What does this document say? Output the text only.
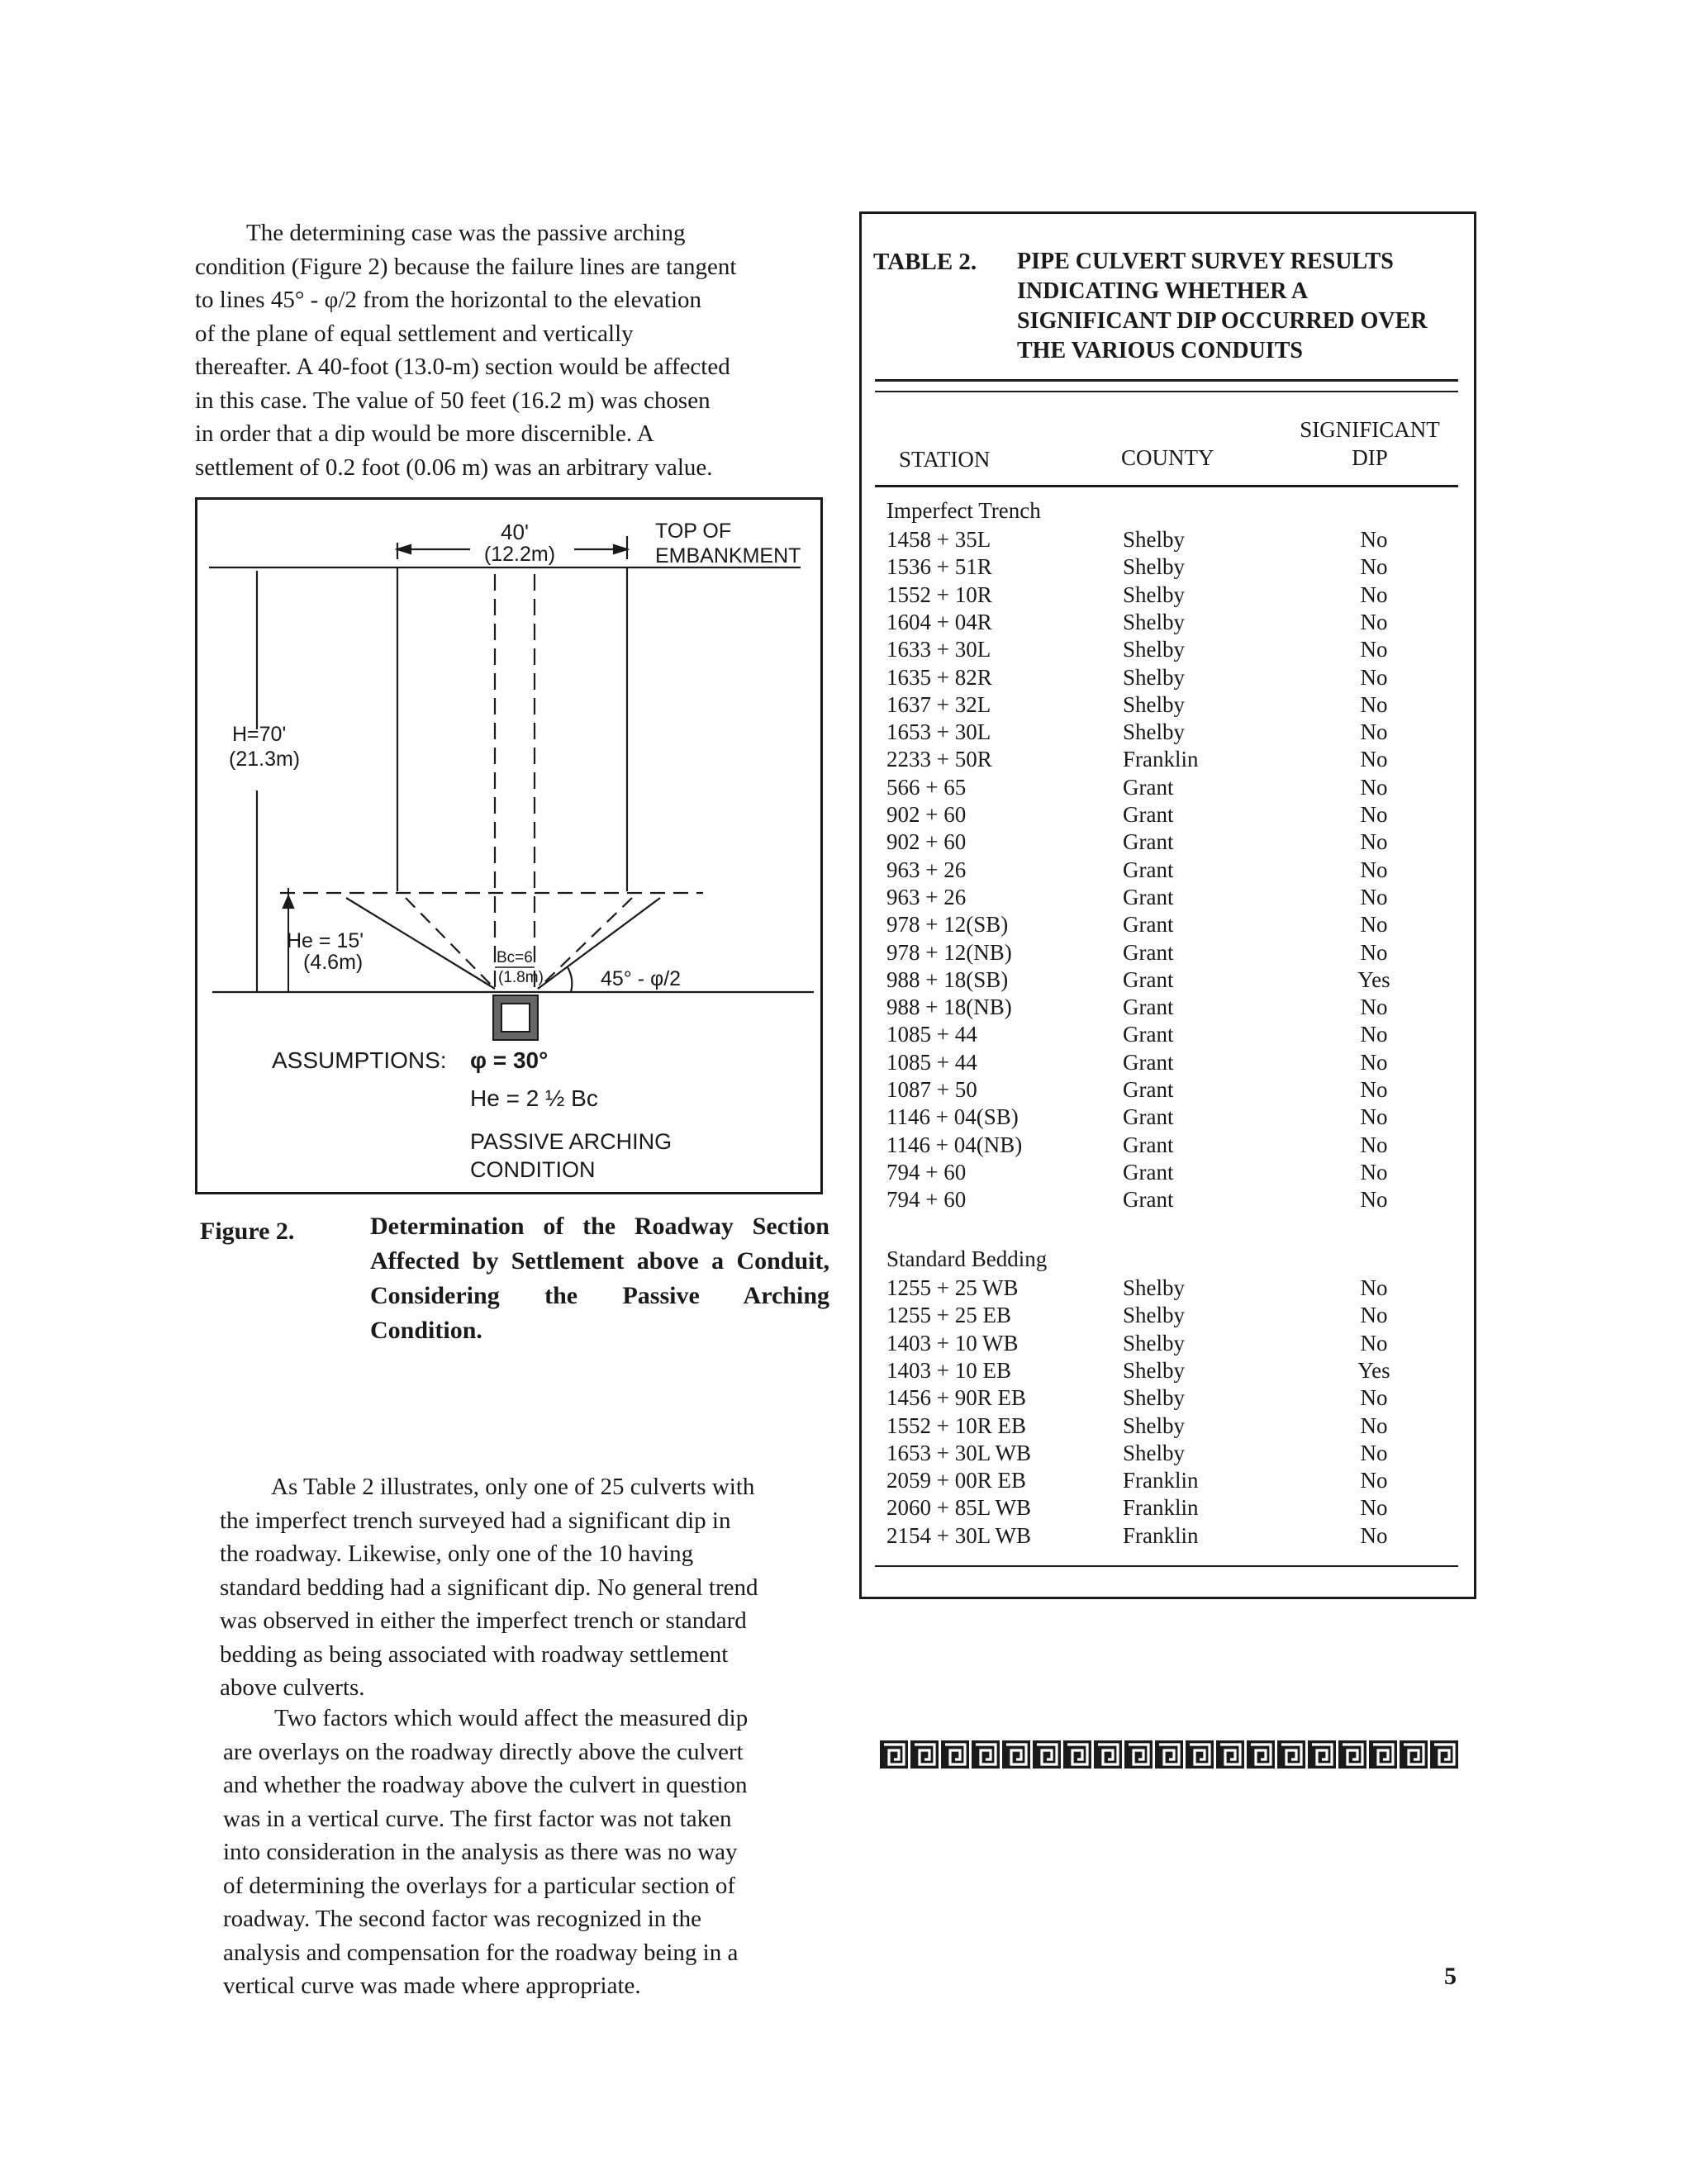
The determining case was the passive arching
condition (Figure 2) because the failure lines are tangent
to lines 45° - φ/2 from the horizontal to the elevation
of the plane of equal settlement and vertically
thereafter. A 40-foot (13.0-m) section would be affected
in this case. The value of 50 feet (16.2 m) was chosen
in order that a dip would be more discernible. A
settlement of 0.2 foot (0.06 m) was an arbitrary value.
40'
(12.2m)
TOP OF
EMBANKMENT
H=70'
(21.3m)
He = 15'
(4.6m)	Bc=6'
(1.8m)	45° - φ/2
ASSUMPTIONS: φ = 30°
He = 2 ½ Bc
PASSIVE ARCHING
CONDITION
Figure 2.	Determination of the Roadway Section Affected by Settlement above a Conduit, Considering the Passive Arching Condition.

As Table 2 illustrates, only one of 25 culverts with
the imperfect trench surveyed had a significant dip in
the roadway. Likewise, only one of the 10 having
standard bedding had a significant dip. No general trend
was observed in either the imperfect trench or standard
bedding as being associated with roadway settlement
above culverts.
Two factors which would affect the measured dip
are overlays on the roadway directly above the culvert
and whether the roadway above the culvert in question
was in a vertical curve. The first factor was not taken
into consideration in the analysis as there was no way
of determining the overlays for a particular section of
roadway. The second factor was recognized in the
analysis and compensation for the roadway being in a
vertical curve was made where appropriate.
TABLE 2. PIPE CULVERT SURVEY RESULTS INDICATING WHETHER A SIGNIFICANT DIP OCCURRED OVER THE VARIOUS CONDUITS
SIGNIFICANT
DIP
STATION	COUNTY
Imperfect Trench
1458 + 35L	Shelby	No
1536 + 51R	Shelby	No
1552 + 10R	Shelby	No
1604 + 04R	Shelby	No
1633 + 30L	Shelby	No
1635 + 82R	Shelby	No
1637 + 32L	Shelby	No
1653 + 30L	Shelby	No
2233 + 50R	Franklin	No
566 + 65	Grant	No
902 + 60	Grant	No
902 + 60	Grant	No
963 + 26	Grant	No
963 + 26	Grant	No
978 + 12(SB)	Grant	No
978 + 12(NB)	Grant	No
988 + 18(SB)	Grant	Yes
988 + 18(NB)	Grant	No
1085 + 44	Grant	No
1085 + 44	Grant	No
1087 + 50	Grant	No
1146 + 04(SB)	Grant	No
1146 + 04(NB)	Grant	No
794 + 60	Grant	No
794 + 60	Grant	No
Standard Bedding
1255 + 25 WB	Shelby	No
1255 + 25 EB	Shelby	No
1403 + 10 WB	Shelby	No
1403 + 10 EB	Shelby	Yes
1456 + 90R EB	Shelby	No
1552 + 10R EB	Shelby	No
1653 + 30L WB	Shelby	No
2059 + 00R EB	Franklin	No
2060 + 85L WB	Franklin	No
2154 + 30L WB	Franklin	No
5
